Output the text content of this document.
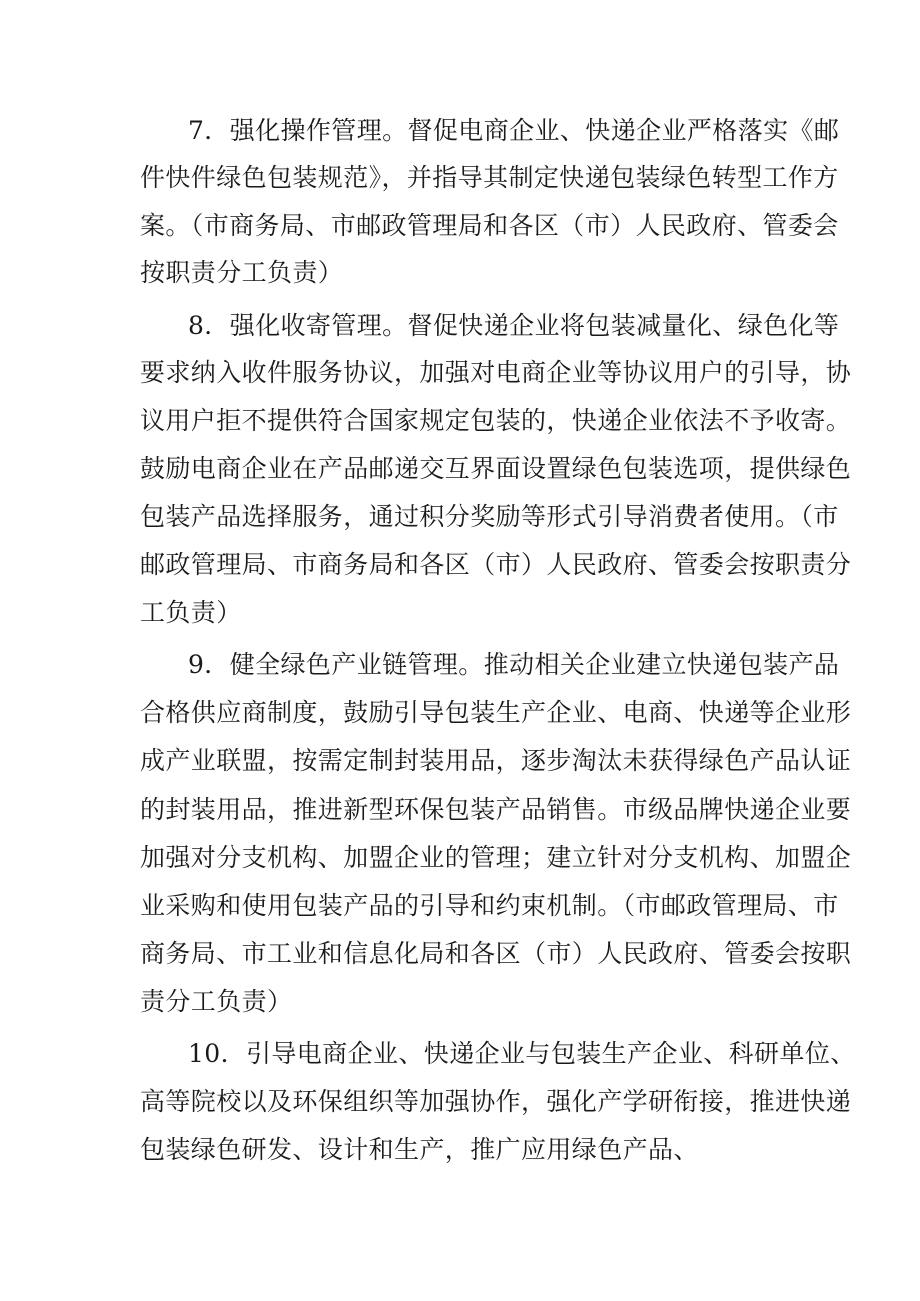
7．强化操作管理。督促电商企业、快递企业严格落实《邮
件快件绿色包装规范》，并指导其制定快递包装绿色转型工作方
案。（市商务局、市邮政管理局和各区（市）人民政府、管委会
按职责分工负责）
8．强化收寄管理。督促快递企业将包装减量化、绿色化等
要求纳入收件服务协议，加强对电商企业等协议用户的引导，协
议用户拒不提供符合国家规定包装的，快递企业依法不予收寄。
鼓励电商企业在产品邮递交互界面设置绿色包装选项，提供绿色
包装产品选择服务，通过积分奖励等形式引导消费者使用。（市
邮政管理局、市商务局和各区（市）人民政府、管委会按职责分
工负责）
9．健全绿色产业链管理。推动相关企业建立快递包装产品
合格供应商制度，鼓励引导包装生产企业、电商、快递等企业形
成产业联盟，按需定制封装用品，逐步淘汰未获得绿色产品认证
的封装用品，推进新型环保包装产品销售。市级品牌快递企业要
加强对分支机构、加盟企业的管理；建立针对分支机构、加盟企
业采购和使用包装产品的引导和约束机制。（市邮政管理局、市
商务局、市工业和信息化局和各区（市）人民政府、管委会按职
责分工负责）
10．引导电商企业、快递企业与包装生产企业、科研单位、
高等院校以及环保组织等加强协作，强化产学研衔接，推进快递
包装绿色研发、设计和生产，推广应用绿色产品、
